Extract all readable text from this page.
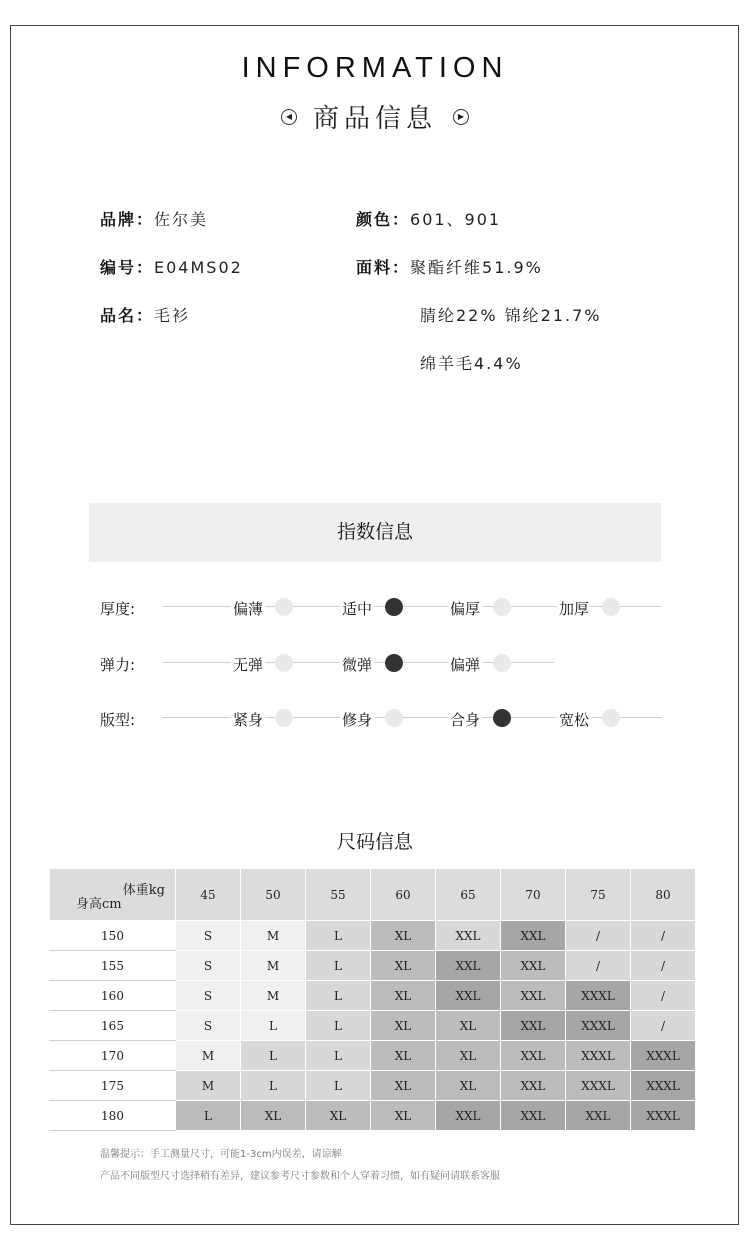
INFORMATION
◀ 商品信息	▶
品牌：佐尔美
编号：E04MS02
品名：毛衫
颜色：601、901
面料：聚酯纤维51.9%
腈纶22% 锦纶21.7%
绵羊毛4.4%
指数信息
厚度:	偏薄	适中	偏厚	加厚
弹力:	无弹	微弹	偏弹
版型:	紧身	修身	合身	宽松
尺码信息
体重kg
身高cm	45	50	55	60	65	70	75	80
150	S	M	L	XL	XXL	XXL	/	/
155	S	M	L	XL	XXL	XXL	/	/
160	S	M	L	XL	XXL	XXL	XXXL	/
165	S	L	L	XL	XL	XXL	XXXL	/
170	M	L	L	XL	XL	XXL	XXXL	XXXL
175	M	L	L	XL	XL	XXL	XXXL	XXXL
180	L	XL	XL	XL	XXL	XXL	XXL	XXXL
温馨提示：手工测量尺寸，可能1-3cm内误差，请谅解
产品不同版型尺寸选择稍有差异，建议参考尺寸参数和个人穿着习惯，如有疑问请联系客服
